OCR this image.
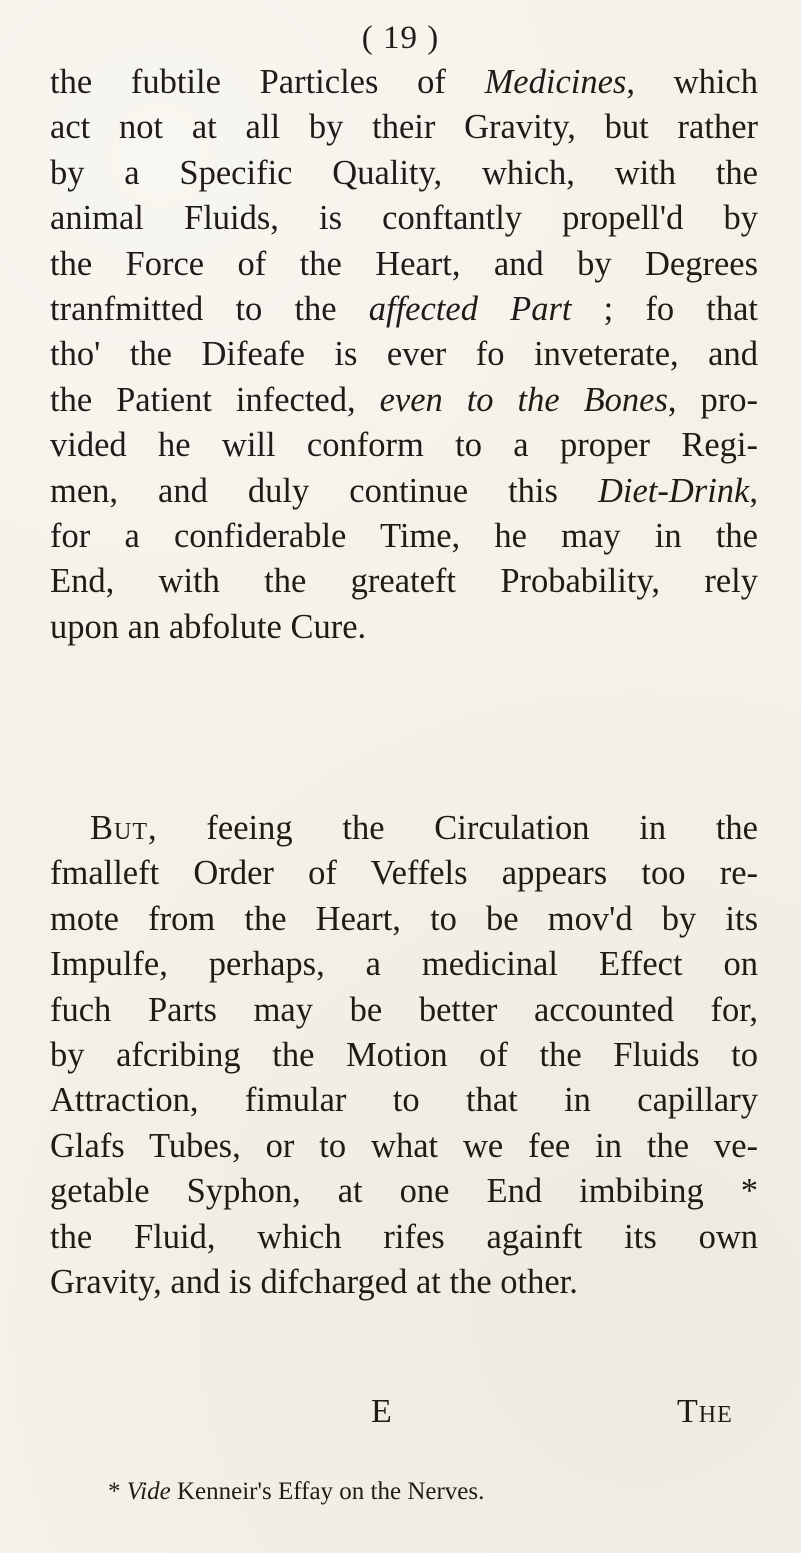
( 19 )
the fubtile Particles of Medicines, which
act not at all by their Gravity, but rather
by a Specific Quality, which, with the
animal Fluids, is conftantly propell'd by
the Force of the Heart, and by Degrees
tranfmitted to the affected Part ; fo that
tho' the Difeafe is ever fo inveterate, and
the Patient infected, even to the Bones, pro-
vided he will conform to a proper Regi-
men, and duly continue this Diet-Drink,
for a confiderable Time, he may in the
End, with the greateft Probability, rely
upon an abfolute Cure.
But, feeing the Circulation in the
fmalleft Order of Veffels appears too re-
mote from the Heart, to be mov'd by its
Impulfe, perhaps, a medicinal Effect on
fuch Parts may be better accounted for,
by afcribing the Motion of the Fluids to
Attraction, fimular to that in capillary
Glafs Tubes, or to what we fee in the ve-
getable Syphon, at one End imbibing *
the Fluid, which rifes againft its own
Gravity, and is difcharged at the other.
E	The
* Vide Kenneir's Effay on the Nerves.
